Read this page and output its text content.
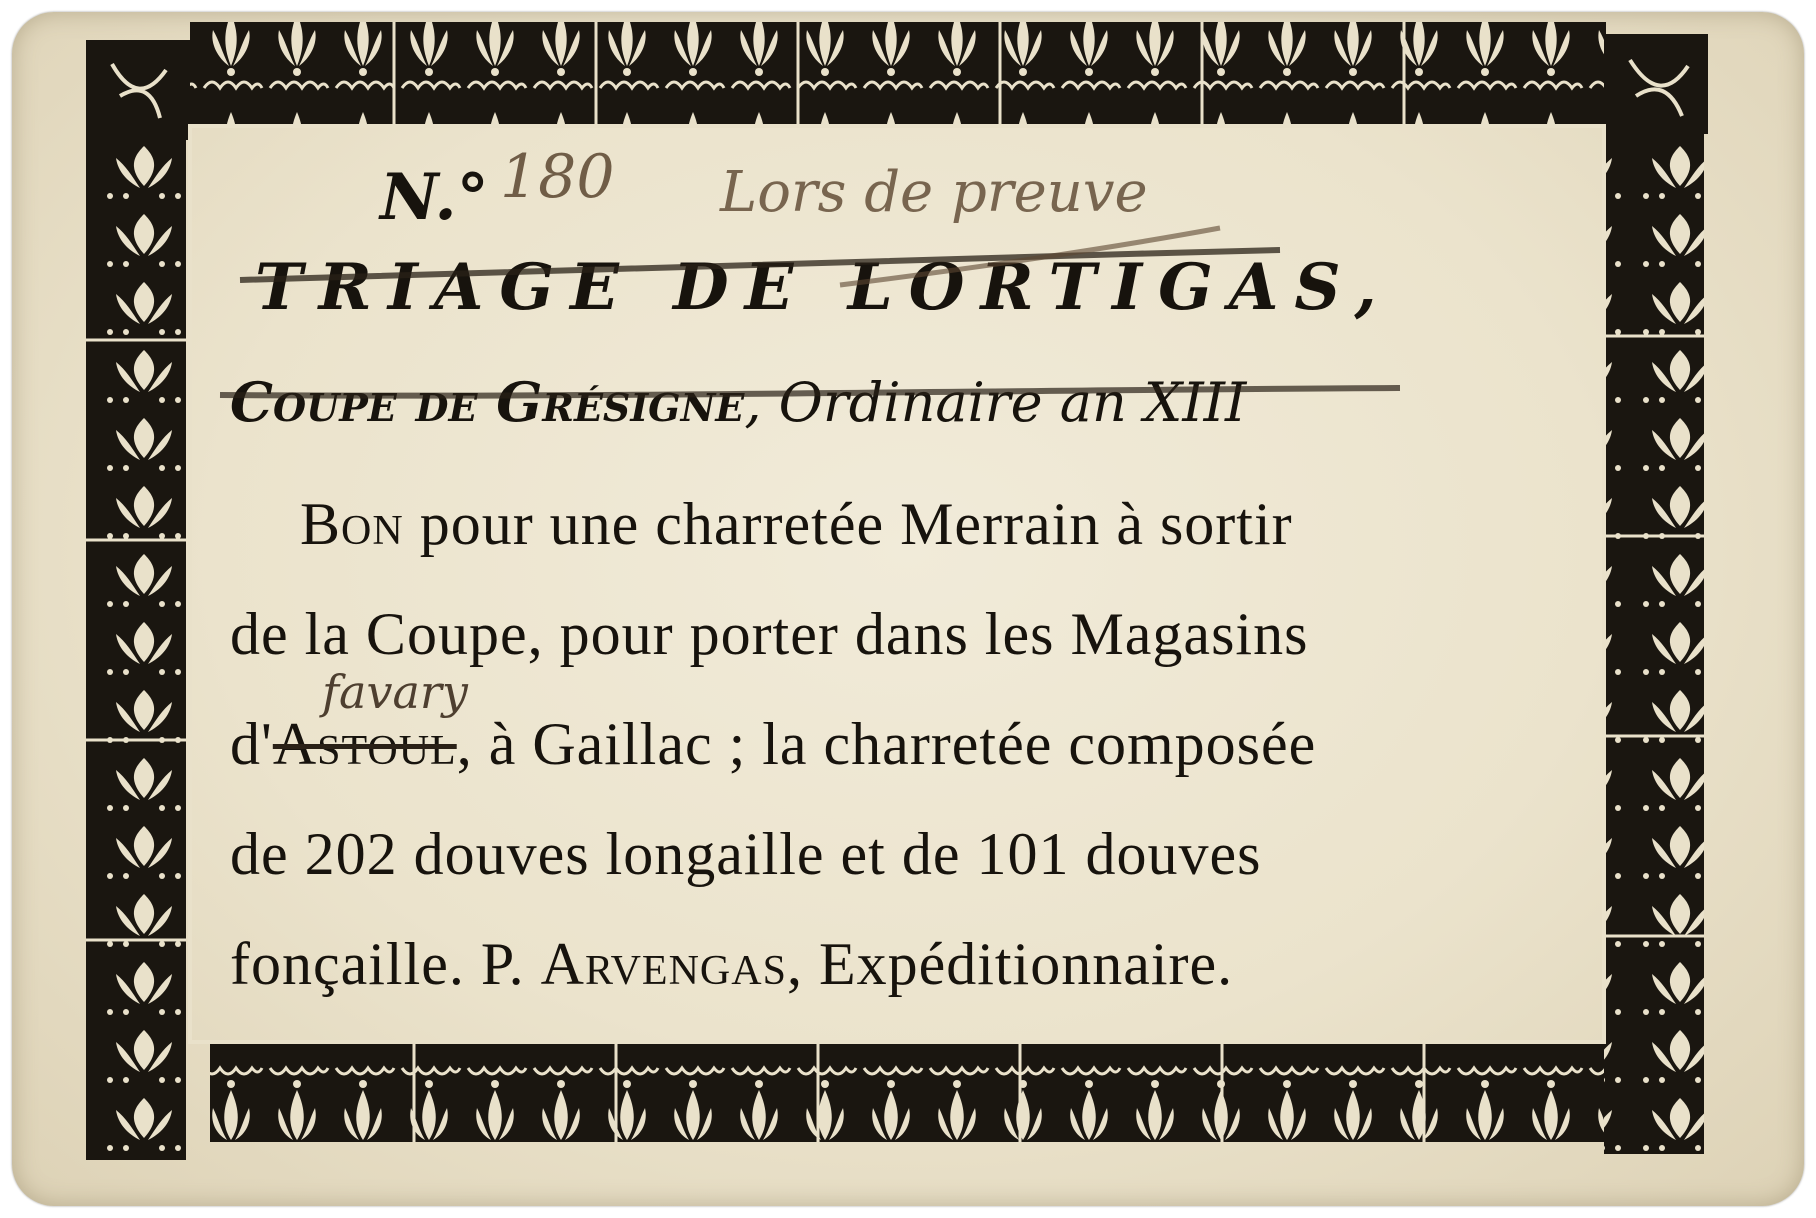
N.° 180 Lors de preuve
TRIAGE DE LORTIGAS,
Coupe de Grésigne, Ordinaire an XIII
Bon pour une charretée Merrain à sortir
de la Coupe, pour porter dans les Magasins
favary
d'Astoul, à Gaillac ; la charretée composée
de 202 douves longaille et de 101 douves
fonçaille. P. Arvengas, Expéditionnaire.
